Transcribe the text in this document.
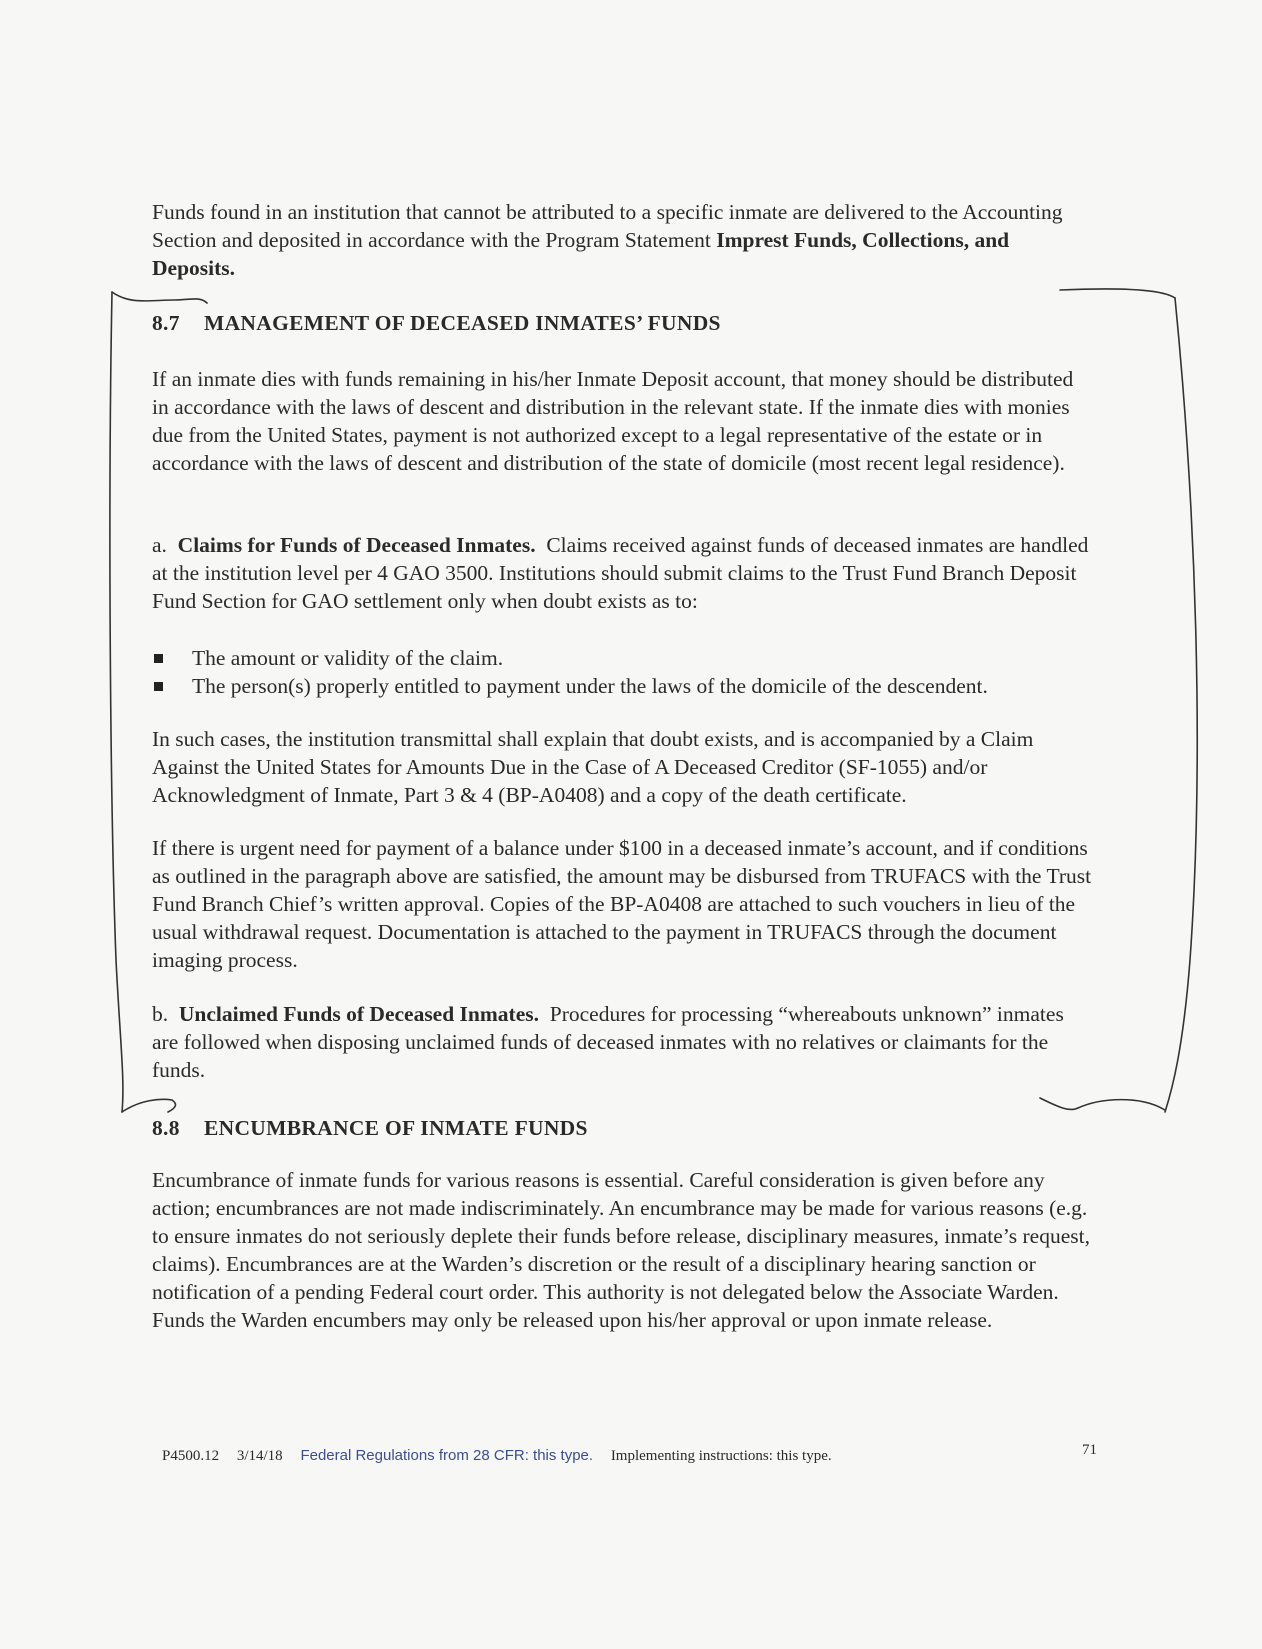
Funds found in an institution that cannot be attributed to a specific inmate are delivered to the Accounting Section and deposited in accordance with the Program Statement Imprest Funds, Collections, and Deposits.

8.7 MANAGEMENT OF DECEASED INMATES’ FUNDS

If an inmate dies with funds remaining in his/her Inmate Deposit account, that money should be distributed in accordance with the laws of descent and distribution in the relevant state. If the inmate dies with monies due from the United States, payment is not authorized except to a legal representative of the estate or in accordance with the laws of descent and distribution of the state of domicile (most recent legal residence).

a. Claims for Funds of Deceased Inmates. Claims received against funds of deceased inmates are handled at the institution level per 4 GAO 3500. Institutions should submit claims to the Trust Fund Branch Deposit Fund Section for GAO settlement only when doubt exists as to:

The amount or validity of the claim.
The person(s) properly entitled to payment under the laws of the domicile of the descendent.

In such cases, the institution transmittal shall explain that doubt exists, and is accompanied by a Claim Against the United States for Amounts Due in the Case of A Deceased Creditor (SF-1055) and/or Acknowledgment of Inmate, Part 3 & 4 (BP-A0408) and a copy of the death certificate.

If there is urgent need for payment of a balance under $100 in a deceased inmate’s account, and if conditions as outlined in the paragraph above are satisfied, the amount may be disbursed from TRUFACS with the Trust Fund Branch Chief’s written approval. Copies of the BP-A0408 are attached to such vouchers in lieu of the usual withdrawal request. Documentation is attached to the payment in TRUFACS through the document imaging process.

b. Unclaimed Funds of Deceased Inmates. Procedures for processing “whereabouts unknown” inmates are followed when disposing unclaimed funds of deceased inmates with no relatives or claimants for the funds.

8.8 ENCUMBRANCE OF INMATE FUNDS

Encumbrance of inmate funds for various reasons is essential. Careful consideration is given before any action; encumbrances are not made indiscriminately. An encumbrance may be made for various reasons (e.g. to ensure inmates do not seriously deplete their funds before release, disciplinary measures, inmate’s request, claims). Encumbrances are at the Warden’s discretion or the result of a disciplinary hearing sanction or notification of a pending Federal court order. This authority is not delegated below the Associate Warden. Funds the Warden encumbers may only be released upon his/her approval or upon inmate release.

P4500.12 3/14/18 Federal Regulations from 28 CFR: this type. Implementing instructions: this type.	71
